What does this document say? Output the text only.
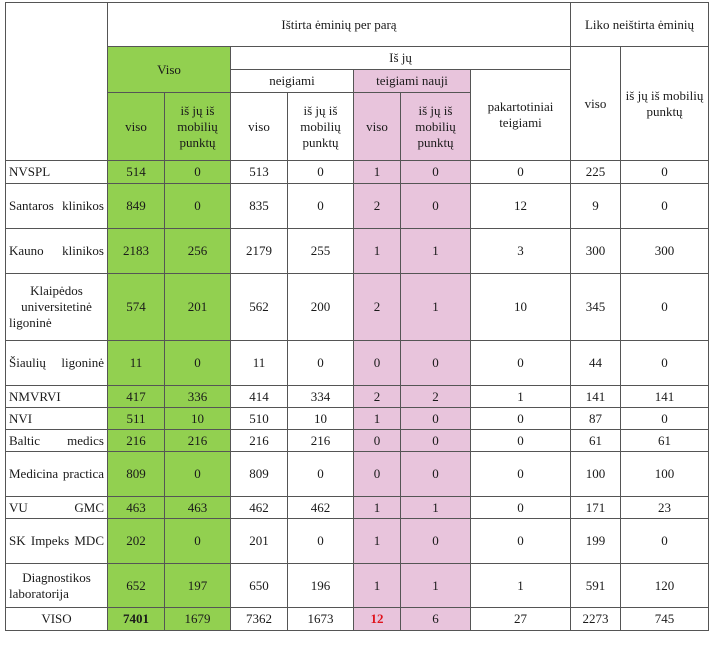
	Ištirta ėminių per parą							Liko neištirta ėminių	
	Viso		Iš jų					viso	iš jų iš mobilių punktų
			neigiami		teigiami nauji		pakartotiniai teigiami		
	viso	iš jų iš mobilių punktų	viso	iš jų iš mobilių punktų	viso	iš jų iš mobilių punktų			
NVSPL	514	0	513	0	1	0	0	225	0
Santaros klinikos	849	0	835	0	2	0	12	9	0
Kauno klinikos	2183	256	2179	255	1	1	3	300	300
Klaipėdos universitetinė ligoninė	574	201	562	200	2	1	10	345	0
Šiaulių ligoninė	11	0	11	0	0	0	0	44	0
NMVRVI	417	336	414	334	2	2	1	141	141
NVI	511	10	510	10	1	0	0	87	0
Baltic medics	216	216	216	216	0	0	0	61	61
Medicina practica	809	0	809	0	0	0	0	100	100
VU GMC	463	463	462	462	1	1	0	171	23
SK Impeks MDC	202	0	201	0	1	0	0	199	0
Diagnostikos laboratorija	652	197	650	196	1	1	1	591	120
VISO	7401	1679	7362	1673	12	6	27	2273	745
